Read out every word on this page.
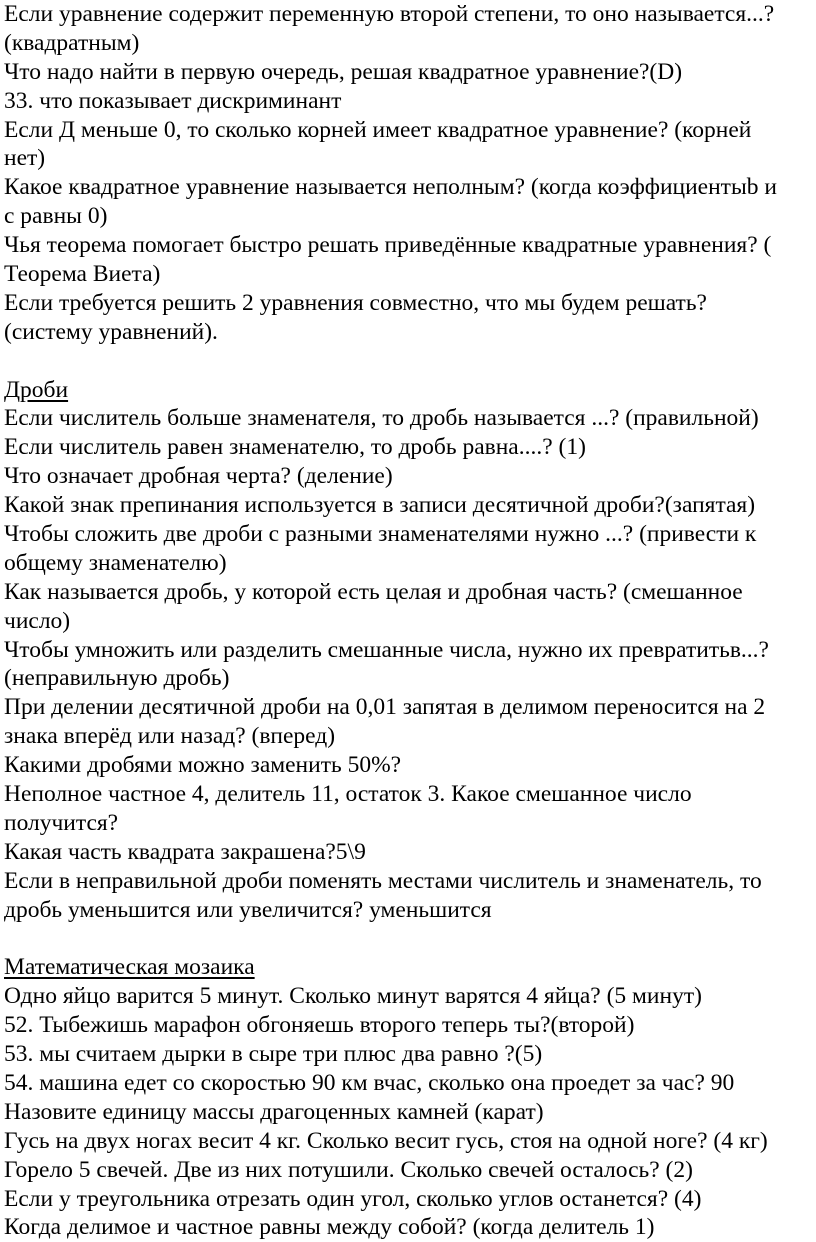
Если уравнение содержит переменную второй степени, то оно называется...?
(квадратным)
Что надо найти в первую очередь, решая квадратное уравнение?(D)
33. что показывает дискриминант
Если Д меньше 0, то сколько корней имеет квадратное уравнение? (корней
нет)
Какое квадратное уравнение называется неполным? (когда коэффициентыb и
с равны 0)
Чья теорема помогает быстро решать приведённые квадратные уравнения? (
Теорема Виета)
Если требуется решить 2 уравнения совместно, что мы будем решать?
(систему уравнений).
Дроби
Если числитель больше знаменателя, то дробь называется ...? (правильной)
Если числитель равен знаменателю, то дробь равна....? (1)
Что означает дробная черта? (деление)
Какой знак препинания используется в записи десятичной дроби?(запятая)
Чтобы сложить две дроби с разными знаменателями нужно ...? (привести к
общему знаменателю)
Как называется дробь, у которой есть целая и дробная часть? (смешанное
число)
Чтобы умножить или разделить смешанные числа, нужно их превратитьв...?
(неправильную дробь)
При делении десятичной дроби на 0,01 запятая в делимом переносится на 2
знака вперёд или назад? (вперед)
Какими дробями можно заменить 50%?
Неполное частное 4, делитель 11, остаток 3. Какое смешанное число
получится?
Какая часть квадрата закрашена?5\9
Если в неправильной дроби поменять местами числитель и знаменатель, то
дробь уменьшится или увеличится? уменьшится
Математическая мозаика
Одно яйцо варится 5 минут. Сколько минут варятся 4 яйца? (5 минут)
52. Тыбежишь марафон обгоняешь второго теперь ты?(второй)
53. мы считаем дырки в сыре три плюс два равно ?(5)
54. машина едет со скоростью 90 км вчас, сколько она проедет за час? 90
Назовите единицу массы драгоценных камней (карат)
Гусь на двух ногах весит 4 кг. Сколько весит гусь, стоя на одной ноге? (4 кг)
Горело 5 свечей. Две из них потушили. Сколько свечей осталось? (2)
Если у треугольника отрезать один угол, сколько углов останется? (4)
Когда делимое и частное равны между собой? (когда делитель 1)
